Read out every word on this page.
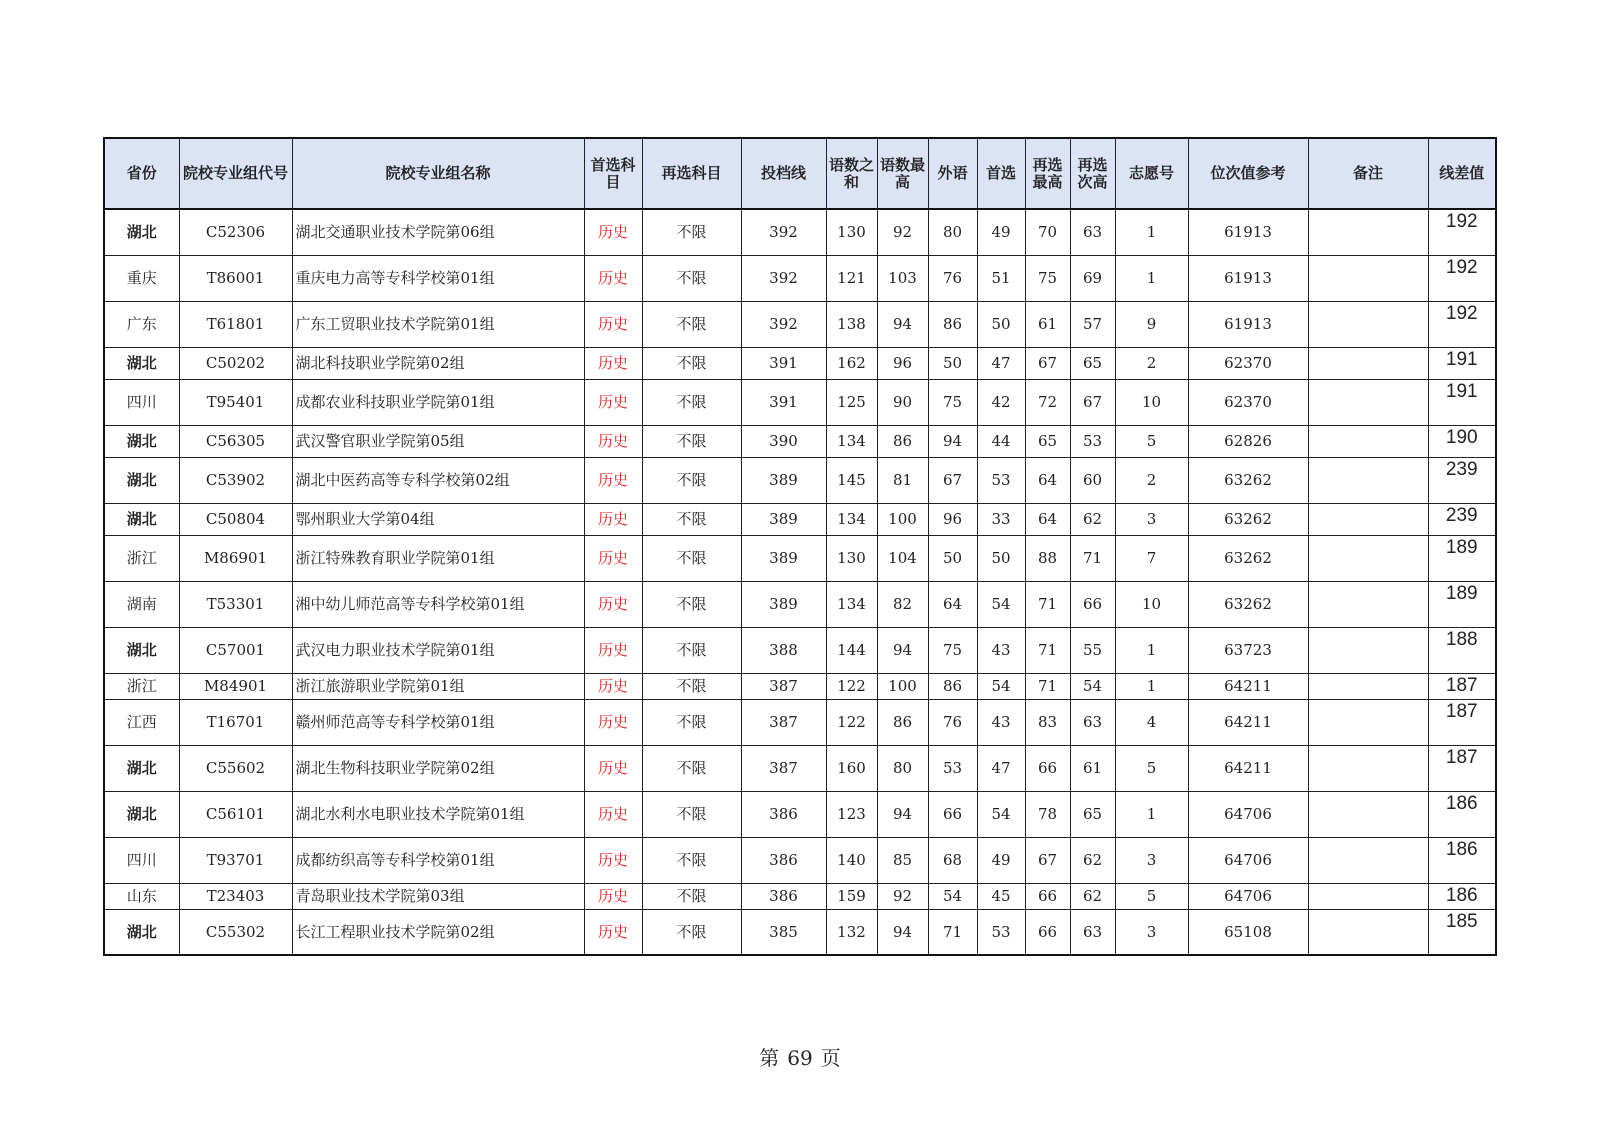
省份	院校专业组代号	院校专业组名称	首选科目	再选科目	投档线	语数之和	语数最高	外语	首选	再选最高	再选次高	志愿号	位次值参考	备注	线差值
湖北	C52306	湖北交通职业技术学院第06组	历史	不限	392	130	92	80	49	70	63	1	61913		192
重庆	T86001	重庆电力高等专科学校第01组	历史	不限	392	121	103	76	51	75	69	1	61913		192
广东	T61801	广东工贸职业技术学院第01组	历史	不限	392	138	94	86	50	61	57	9	61913		192
湖北	C50202	湖北科技职业学院第02组	历史	不限	391	162	96	50	47	67	65	2	62370		191
四川	T95401	成都农业科技职业学院第01组	历史	不限	391	125	90	75	42	72	67	10	62370		191
湖北	C56305	武汉警官职业学院第05组	历史	不限	390	134	86	94	44	65	53	5	62826		190
湖北	C53902	湖北中医药高等专科学校第02组	历史	不限	389	145	81	67	53	64	60	2	63262		239
湖北	C50804	鄂州职业大学第04组	历史	不限	389	134	100	96	33	64	62	3	63262		239
浙江	M86901	浙江特殊教育职业学院第01组	历史	不限	389	130	104	50	50	88	71	7	63262		189
湖南	T53301	湘中幼儿师范高等专科学校第01组	历史	不限	389	134	82	64	54	71	66	10	63262		189
湖北	C57001	武汉电力职业技术学院第01组	历史	不限	388	144	94	75	43	71	55	1	63723		188
浙江	M84901	浙江旅游职业学院第01组	历史	不限	387	122	100	86	54	71	54	1	64211		187
江西	T16701	赣州师范高等专科学校第01组	历史	不限	387	122	86	76	43	83	63	4	64211		187
湖北	C55602	湖北生物科技职业学院第02组	历史	不限	387	160	80	53	47	66	61	5	64211		187
湖北	C56101	湖北水利水电职业技术学院第01组	历史	不限	386	123	94	66	54	78	65	1	64706		186
四川	T93701	成都纺织高等专科学校第01组	历史	不限	386	140	85	68	49	67	62	3	64706		186
山东	T23403	青岛职业技术学院第03组	历史	不限	386	159	92	54	45	66	62	5	64706		186
湖北	C55302	长江工程职业技术学院第02组	历史	不限	385	132	94	71	53	66	63	3	65108		185
第 69 页
